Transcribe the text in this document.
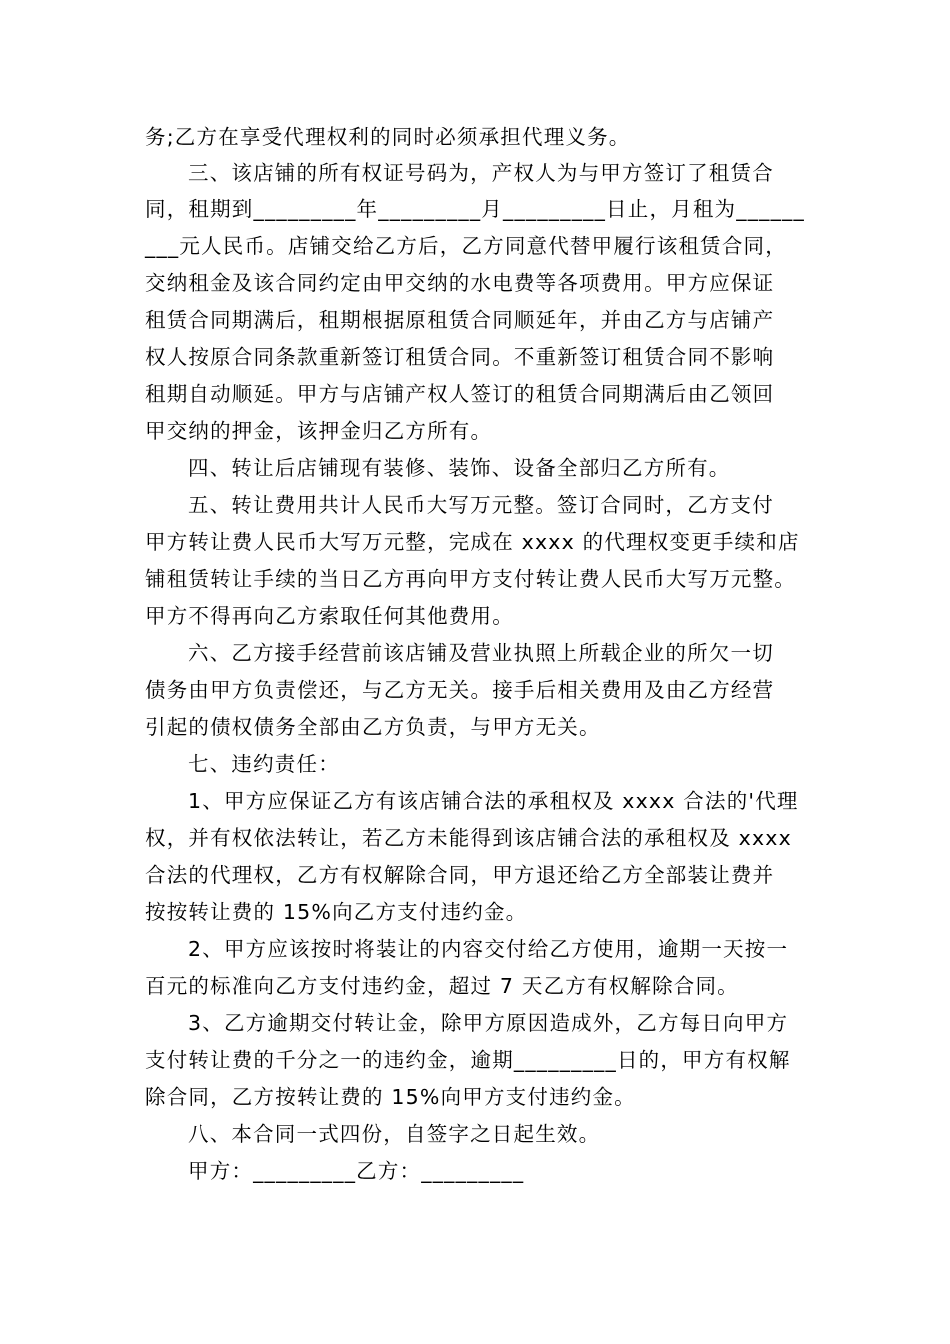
务;乙方在享受代理权利的同时必须承担代理义务。
三、该店铺的所有权证号码为，产权人为与甲方签订了租赁合
同，租期到_________年_________月_________日止，月租为______
___元人民币。店铺交给乙方后，乙方同意代替甲履行该租赁合同，
交纳租金及该合同约定由甲交纳的水电费等各项费用。甲方应保证
租赁合同期满后，租期根据原租赁合同顺延年，并由乙方与店铺产
权人按原合同条款重新签订租赁合同。不重新签订租赁合同不影响
租期自动顺延。甲方与店铺产权人签订的租赁合同期满后由乙领回
甲交纳的押金，该押金归乙方所有。
四、转让后店铺现有装修、装饰、设备全部归乙方所有。
五、转让费用共计人民币大写万元整。签订合同时，乙方支付
甲方转让费人民币大写万元整，完成在 xxxx 的代理权变更手续和店
铺租赁转让手续的当日乙方再向甲方支付转让费人民币大写万元整。
甲方不得再向乙方索取任何其他费用。
六、乙方接手经营前该店铺及营业执照上所载企业的所欠一切
债务由甲方负责偿还，与乙方无关。接手后相关费用及由乙方经营
引起的债权债务全部由乙方负责，与甲方无关。
七、违约责任：
1、甲方应保证乙方有该店铺合法的承租权及 xxxx 合法的'代理
权，并有权依法转让，若乙方未能得到该店铺合法的承租权及 xxxx
合法的代理权，乙方有权解除合同，甲方退还给乙方全部装让费并
按按转让费的 15%向乙方支付违约金。
2、甲方应该按时将装让的内容交付给乙方使用，逾期一天按一
百元的标准向乙方支付违约金，超过 7 天乙方有权解除合同。
3、乙方逾期交付转让金，除甲方原因造成外，乙方每日向甲方
支付转让费的千分之一的违约金，逾期_________日的，甲方有权解
除合同，乙方按转让费的 15%向甲方支付违约金。
八、本合同一式四份，自签字之日起生效。
甲方：_________乙方：_________
